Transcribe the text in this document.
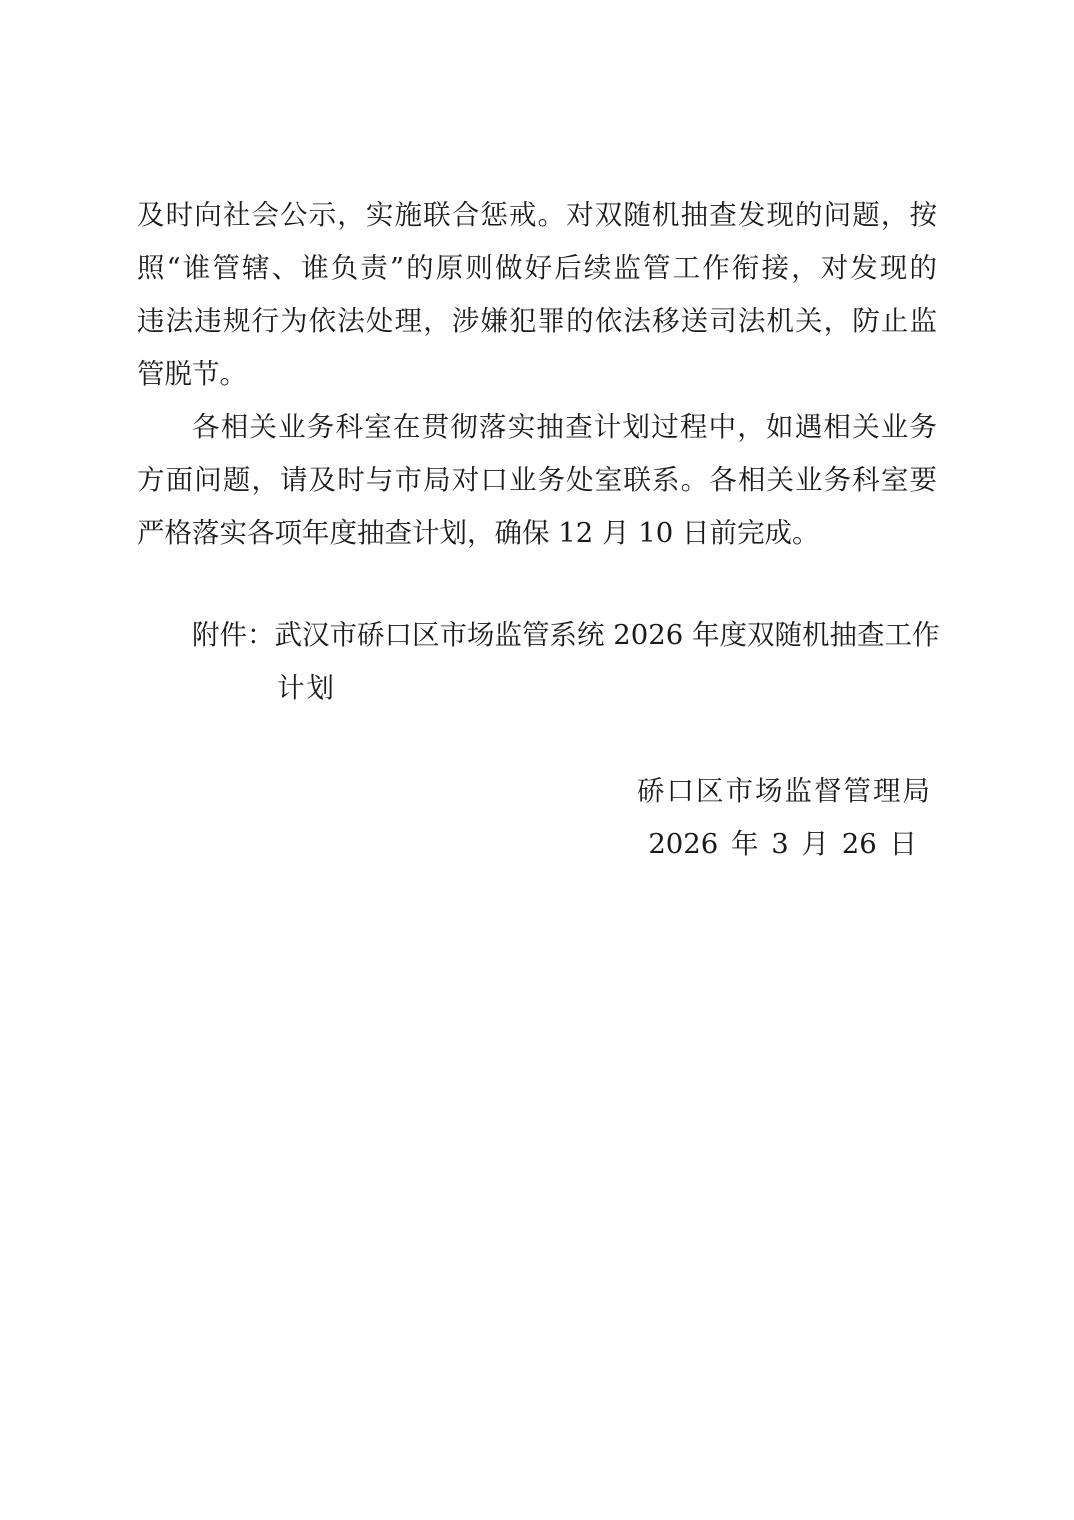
及时向社会公示，实施联合惩戒。对双随机抽查发现的问题，按
照“谁管辖、谁负责”的原则做好后续监管工作衔接，对发现的
违法违规行为依法处理，涉嫌犯罪的依法移送司法机关，防止监
管脱节。
各相关业务科室在贯彻落实抽查计划过程中，如遇相关业务
方面问题，请及时与市局对口业务处室联系。各相关业务科室要
严格落实各项年度抽查计划，确保 12 月 10 日前完成。
附件：武汉市硚口区市场监管系统 2026 年度双随机抽查工作
计划
硚口区市场监督管理局
2026 年 3 月 26 日
